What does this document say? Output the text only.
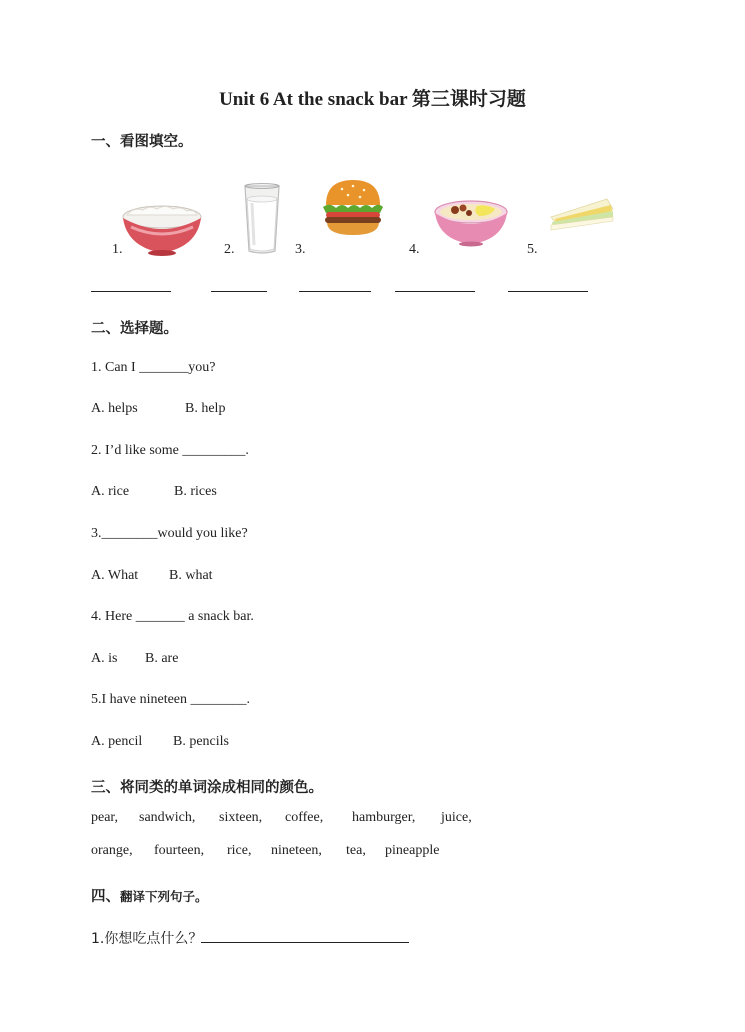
Unit 6 At the snack bar 第三课时习题
一、看图填空。
1.	2.	3.	4.	5.
二、选择题。
1. Can I _______you?
A. helps	B. help
2. I’d like some _________.
A. rice	B. rices
3.________would you like?
A. What B. what
4. Here _______ a snack bar.
A. is B. are
5.I have nineteen ________.
A. pencil B. pencils
三、将同类的单词涂成相同的颜色。
pear, sandwich, sixteen, coffee, hamburger, juice,
orange, fourteen, rice, nineteen, tea, pineapple
四、翻译下列句子。
1.你想吃点什么？
